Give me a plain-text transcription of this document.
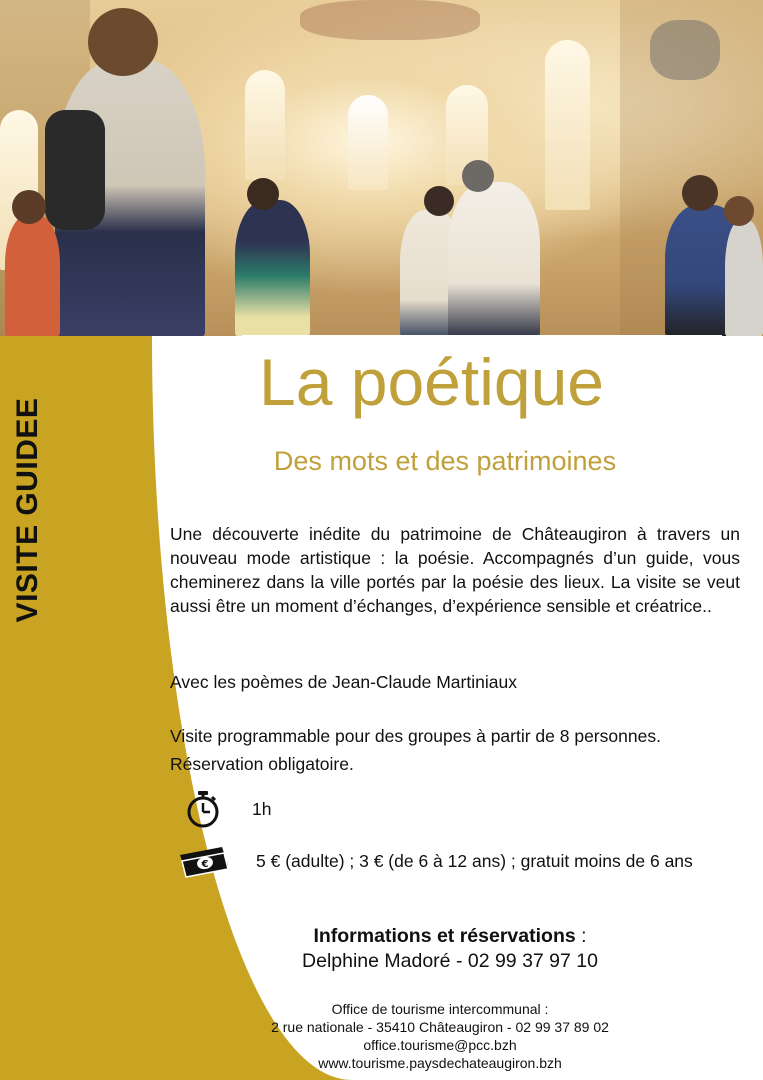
VISITE GUIDEE
La poétique
Des mots et des patrimoines
Une découverte inédite du patrimoine de Châteaugiron à travers un nouveau mode artistique : la poésie. Accompagnés d’un guide, vous cheminerez dans la ville portés par la poésie des lieux. La visite se veut aussi être un moment d’échanges, d’expérience sensible et créatrice..
Avec les poèmes de Jean-Claude Martiniaux
Visite programmable pour des groupes à partir de 8 personnes.
Réservation obligatoire.
1h
€	5 € (adulte) ; 3 € (de 6 à 12 ans) ; gratuit moins de 6 ans
Informations et réservations :
Delphine Madoré - 02 99 37 97 10
Office de tourisme intercommunal :
2 rue nationale - 35410 Châteaugiron - 02 99 37 89 02
office.tourisme@pcc.bzh
www.tourisme.paysdechateaugiron.bzh
